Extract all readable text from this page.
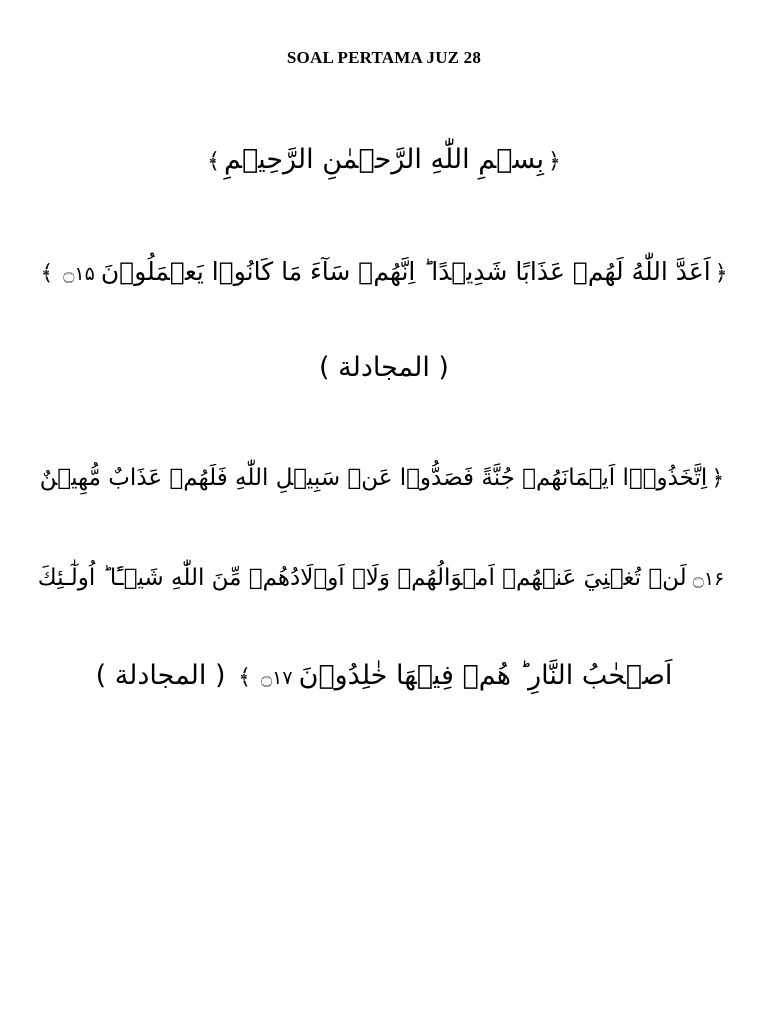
SOAL PERTAMA JUZ 28
﴿بِسۡمِ اللّٰهِ الرَّحۡمٰنِ الرَّحِيۡمِ﴾
﴿اَعَدَّ اللّٰهُ لَهُمۡ عَذَابًا شَدِيۡدًا ؕ اِنَّهُمۡ سَآءَ مَا كَانُوۡا يَعۡمَلُوۡنَ۝۱۵﴾
( المجادلة )
﴿اِتَّخَذُوۡۤا اَيۡمَانَهُمۡ جُنَّةً فَصَدُّوۡا عَنۡ سَبِيۡلِ اللّٰهِ فَلَهُمۡ عَذَابٌ مُّهِيۡنٌ
۝۱۶لَنۡ تُغۡنِيَ عَنۡهُمۡ اَمۡوَالُهُمۡ وَلَاۤ اَوۡلَادُهُمۡ مِّنَ اللّٰهِ شَيۡـًٔا ؕ اُولٰٓـئِكَ
اَصۡحٰبُ النَّارِ ؕ هُمۡ فِيۡهَا خٰلِدُوۡنَ۝۱۷﴾ ( المجادلة )
